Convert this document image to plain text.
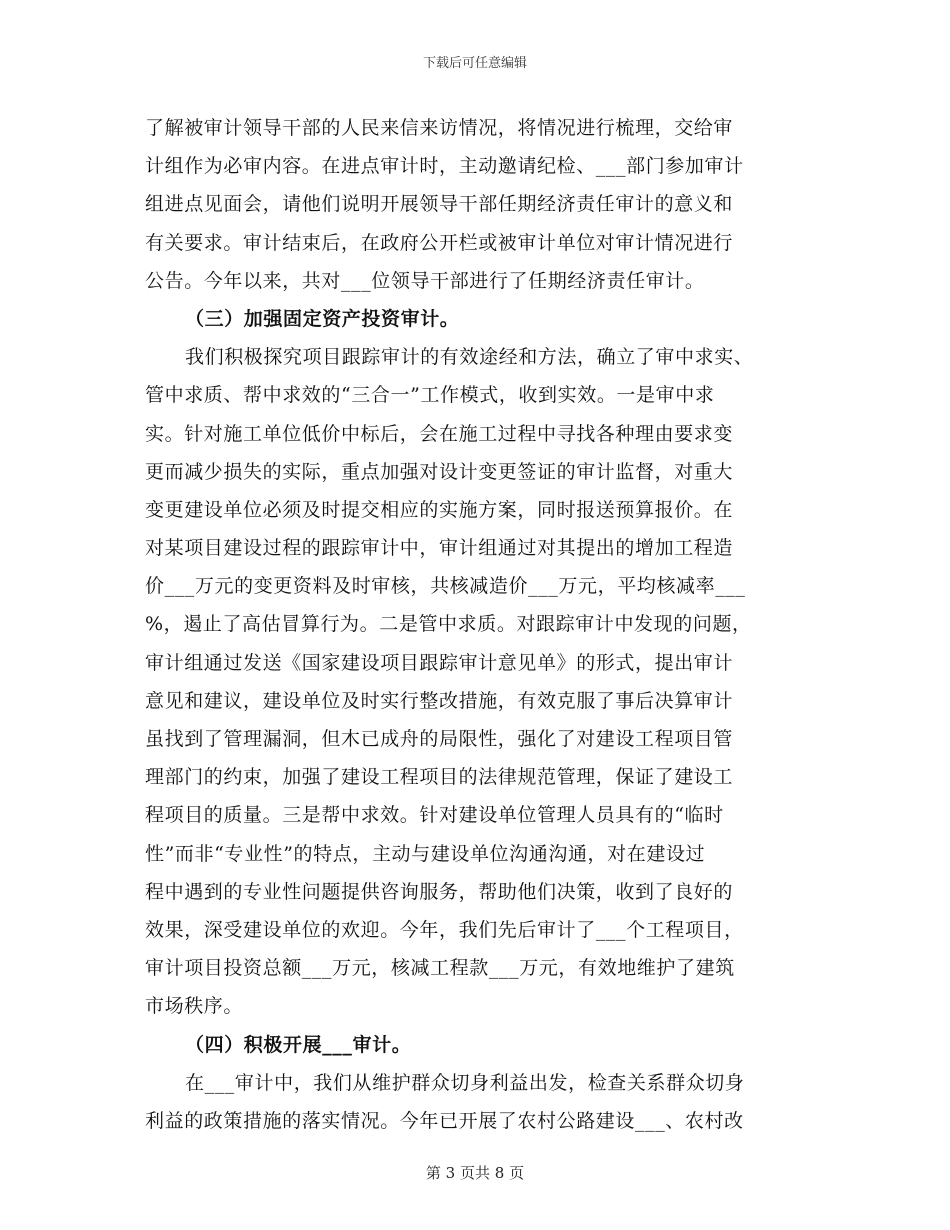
下载后可任意编辑
了解被审计领导干部的人民来信来访情况，将情况进行梳理，交给审
计组作为必审内容。在进点审计时，主动邀请纪检、___部门参加审计
组进点见面会，请他们说明开展领导干部任期经济责任审计的意义和
有关要求。审计结束后，在政府公开栏或被审计单位对审计情况进行
公告。今年以来，共对___位领导干部进行了任期经济责任审计。
（三）加强固定资产投资审计。
我们积极探究项目跟踪审计的有效途经和方法，确立了审中求实、
管中求质、帮中求效的“三合一”工作模式，收到实效。一是审中求
实。针对施工单位低价中标后，会在施工过程中寻找各种理由要求变
更而减少损失的实际，重点加强对设计变更签证的审计监督，对重大
变更建设单位必须及时提交相应的实施方案，同时报送预算报价。在
对某项目建设过程的跟踪审计中，审计组通过对其提出的增加工程造
价___万元的变更资料及时审核，共核减造价___万元，平均核减率___
%，遏止了高估冒算行为。二是管中求质。对跟踪审计中发现的问题，
审计组通过发送《国家建设项目跟踪审计意见单》的形式，提出审计
意见和建议，建设单位及时实行整改措施，有效克服了事后决算审计
虽找到了管理漏洞，但木已成舟的局限性，强化了对建设工程项目管
理部门的约束，加强了建设工程项目的法律规范管理，保证了建设工
程项目的质量。三是帮中求效。针对建设单位管理人员具有的“临时
性”而非“专业性”的特点，主动与建设单位沟通沟通，对在建设过
程中遇到的专业性问题提供咨询服务，帮助他们决策，收到了良好的
效果，深受建设单位的欢迎。今年，我们先后审计了___个工程项目，
审计项目投资总额___万元，核减工程款___万元，有效地维护了建筑
市场秩序。
（四）积极开展___审计。
在___审计中，我们从维护群众切身利益出发，检查关系群众切身
利益的政策措施的落实情况。今年已开展了农村公路建设___、农村改
第 3 页共 8 页
